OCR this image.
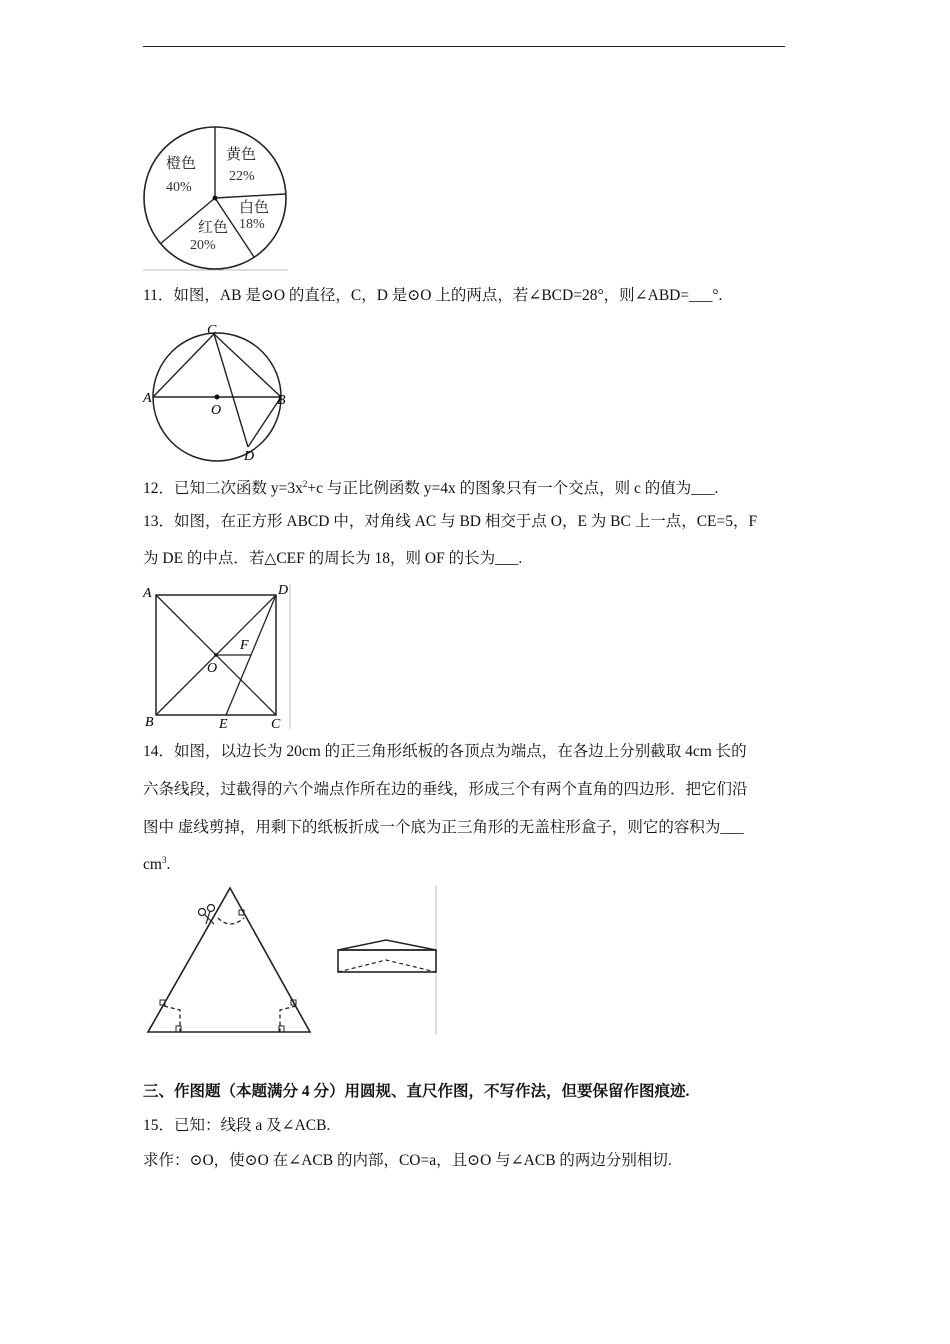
橙色
40%
黄色
22%
白色
18%
红色
20%
11．如图，AB 是⊙O 的直径，C，D 是⊙O 上的两点，若∠BCD=28°，则∠ABD=___°.
C
A
O
B
D
12．已知二次函数 $y=3x^2+c$ 与正比例函数 y=4x 的图象只有一个交点，则 c 的值为___.
13．如图，在正方形 ABCD 中，对角线 AC 与 BD 相交于点 O，E 为 BC 上一点，CE=5，F
为 DE 的中点．若△CEF 的周长为 18，则 OF 的长为___.
A	D
F
O
B	E	C
14．如图，以边长为 20cm 的正三角形纸板的各顶点为端点，在各边上分别截取 4cm 长的
六条线段，过截得的六个端点作所在边的垂线，形成三个有两个直角的四边形．把它们沿
图中 虚线剪掉，用剩下的纸板折成一个底为正三角形的无盖柱形盒子，则它的容积为___
$cm^3$.
三、作图题（本题满分 4 分）用圆规、直尺作图，不写作法，但要保留作图痕迹.
15．已知：线段 a 及∠ACB.
求作：⊙O，使⊙O 在∠ACB 的内部，CO=a，且⊙O 与∠ACB 的两边分别相切.
